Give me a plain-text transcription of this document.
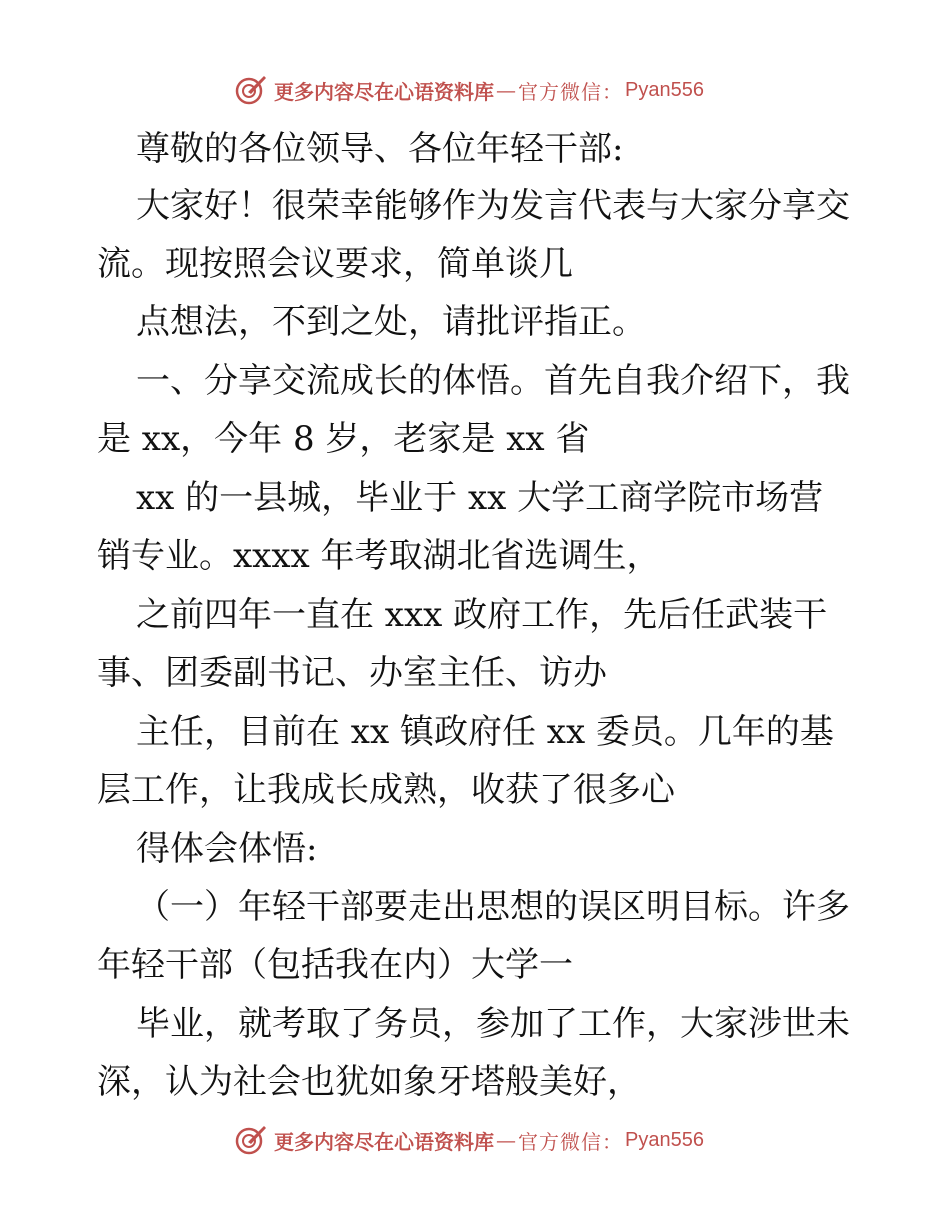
更多内容尽在心语资料库 — 官方微信： Pyan556
尊敬的各位领导、各位年轻干部:
大家好！很荣幸能够作为发言代表与大家分享交
流。现按照会议要求，简单谈几
点想法，不到之处，请批评指正。
一、分享交流成长的体悟。首先自我介绍下，我
是 xx，今年 8 岁，老家是 xx 省
xx 的一县城，毕业于 xx 大学工商学院市场营
销专业。xxxx 年考取湖北省选调生，
之前四年一直在 xxx 政府工作，先后任武装干
事、团委副书记、办室主任、访办
主任，目前在 xx 镇政府任 xx 委员。几年的基
层工作，让我成长成熟，收获了很多心
得体会体悟:
（一）年轻干部要走出思想的误区明目标。许多
年轻干部（包括我在内）大学一
毕业，就考取了务员，参加了工作，大家涉世未
深，认为社会也犹如象牙塔般美好，
更多内容尽在心语资料库 — 官方微信： Pyan556
